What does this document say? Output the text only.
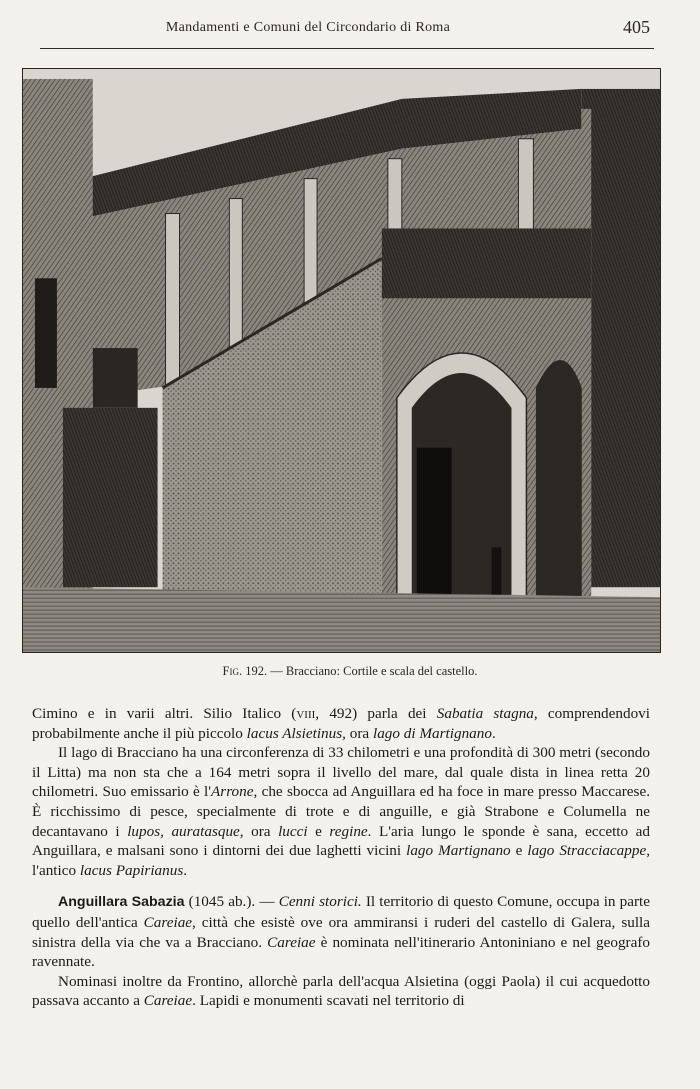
Mandamenti e Comuni del Circondario di Roma	405
Fig. 192. — Bracciano: Cortile e scala del castello.

Cimino e in varii altri. Silio Italico (viii, 492) parla dei Sabatia stagna, comprendendovi probabilmente anche il più piccolo lacus Alsietinus, ora lago di Martignano.

Il lago di Bracciano ha una circonferenza di 33 chilometri e una profondità di 300 metri (secondo il Litta) ma non sta che a 164 metri sopra il livello del mare, dal quale dista in linea retta 20 chilometri. Suo emissario è l'Arrone, che sbocca ad Anguillara ed ha foce in mare presso Maccarese. È ricchissimo di pesce, specialmente di trote e di anguille, e già Strabone e Columella ne decantavano i lupos, auratasque, ora lucci e regine. L'aria lungo le sponde è sana, eccetto ad Anguillara, e malsani sono i dintorni dei due laghetti vicini lago Martignano e lago Stracciacappe, l'antico lacus Papirianus.

Anguillara Sabazia (1045 ab.). — Cenni storici. Il territorio di questo Comune, occupa in parte quello dell'antica Careiae, città che esistè ove ora ammiransi i ruderi del castello di Galera, sulla sinistra della via che va a Bracciano. Careiae è nominata nell'itinerario Antoniniano e nel geografo ravennate.

Nominasi inoltre da Frontino, allorchè parla dell'acqua Alsietina (oggi Paola) il cui acquedotto passava accanto a Careiae. Lapidi e monumenti scavati nel territorio di
